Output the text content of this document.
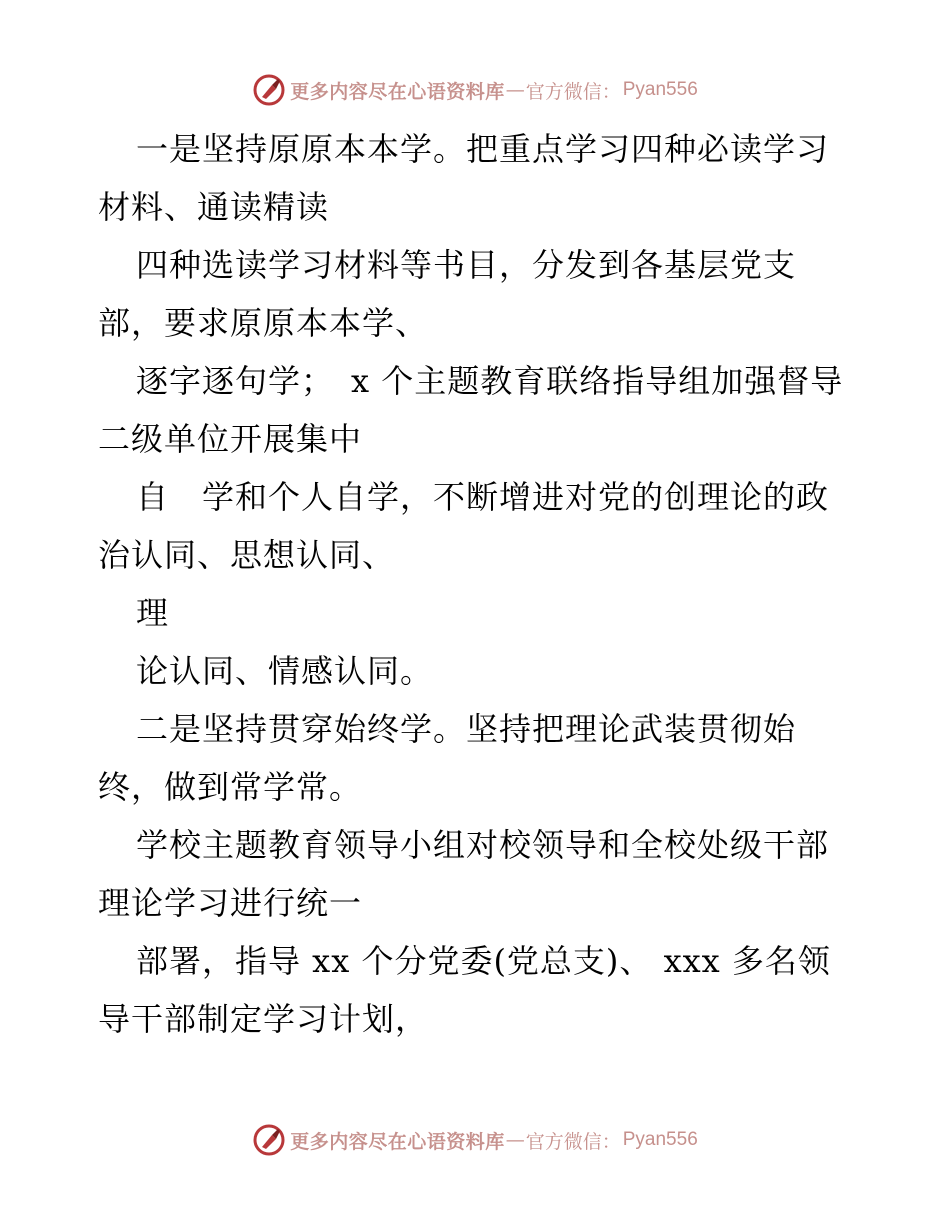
更多内容尽在心语资料库 — 官方微信： Pyan556

一是坚持原原本本学。把重点学习四种必读学习材料、通读精读

四种选读学习材料等书目，分发到各基层党支部，要求原原本本学、

逐字逐句学；　x 个主题教育联络指导组加强督导二级单位开展集中

自　学和个人自学，不断增进对党的创理论的政治认同、思想认同、

理

论认同、情感认同。

二是坚持贯穿始终学。坚持把理论武装贯彻始终，做到常学常。

学校主题教育领导小组对校领导和全校处级干部理论学习进行统一

部署，指导 xx 个分党委(党总支)、 xxx 多名领导干部制定学习计划，

更多内容尽在心语资料库 — 官方微信： Pyan556
